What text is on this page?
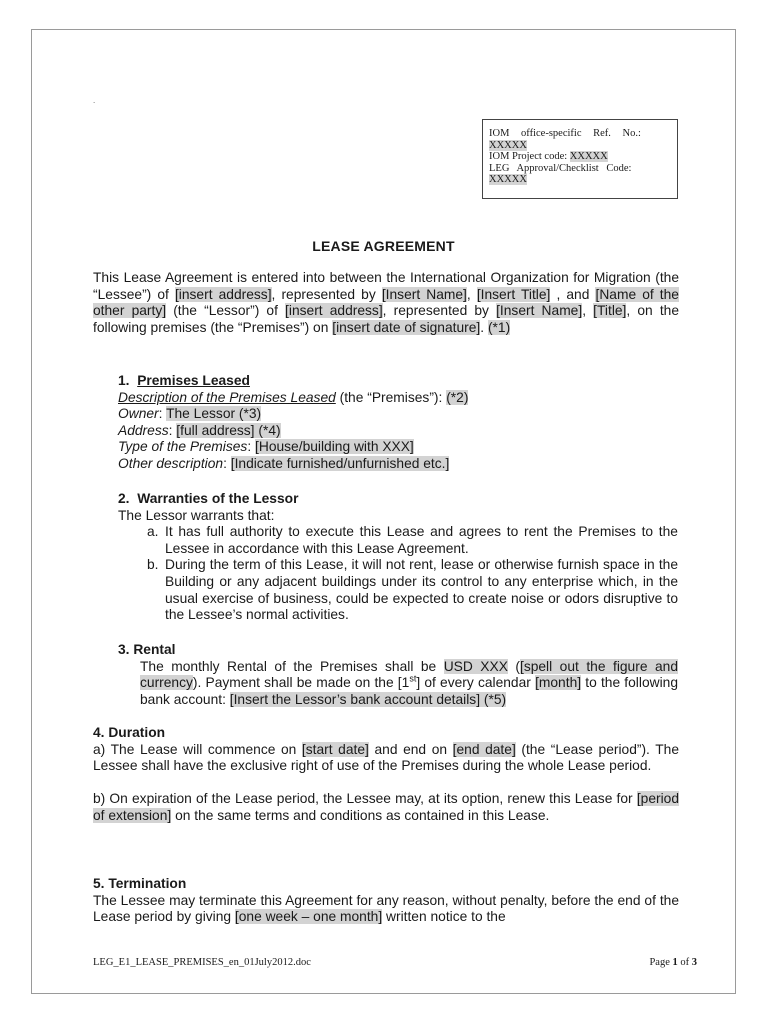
.
IOM office-specific Ref. No.:
XXXXX
IOM Project code: XXXXX
LEG Approval/Checklist Code:
XXXXX
LEASE AGREEMENT
This Lease Agreement is entered into between the International Organization for Migration (the “Lessee”) of [insert address], represented by [Insert Name], [Insert Title] , and [Name of the other party] (the “Lessor”) of [insert address], represented by [Insert Name], [Title], on the following premises (the “Premises”) on [insert date of signature]. (*1)
1. Premises Leased
Description of the Premises Leased (the “Premises”): (*2)
Owner: The Lessor (*3)
Address: [full address] (*4)
Type of the Premises: [House/building with XXX]
Other description: [Indicate furnished/unfurnished etc.]
2. Warranties of the Lessor
The Lessor warrants that:
a. It has full authority to execute this Lease and agrees to rent the Premises to the Lessee in accordance with this Lease Agreement.
b. During the term of this Lease, it will not rent, lease or otherwise furnish space in the Building or any adjacent buildings under its control to any enterprise which, in the usual exercise of business, could be expected to create noise or odors disruptive to the Lessee’s normal activities.
3. Rental
The monthly Rental of the Premises shall be USD XXX ([spell out the figure and currency). Payment shall be made on the [1st] of every calendar [month] to the following bank account: [Insert the Lessor’s bank account details] (*5)
4. Duration
a) The Lease will commence on [start date] and end on [end date] (the “Lease period”). The Lessee shall have the exclusive right of use of the Premises during the whole Lease period.
b) On expiration of the Lease period, the Lessee may, at its option, renew this Lease for [period of extension] on the same terms and conditions as contained in this Lease.
5. Termination
The Lessee may terminate this Agreement for any reason, without penalty, before the end of the Lease period by giving [one week – one month] written notice to the
LEG_E1_LEASE_PREMISES_en_01July2012.doc	Page 1 of 3
